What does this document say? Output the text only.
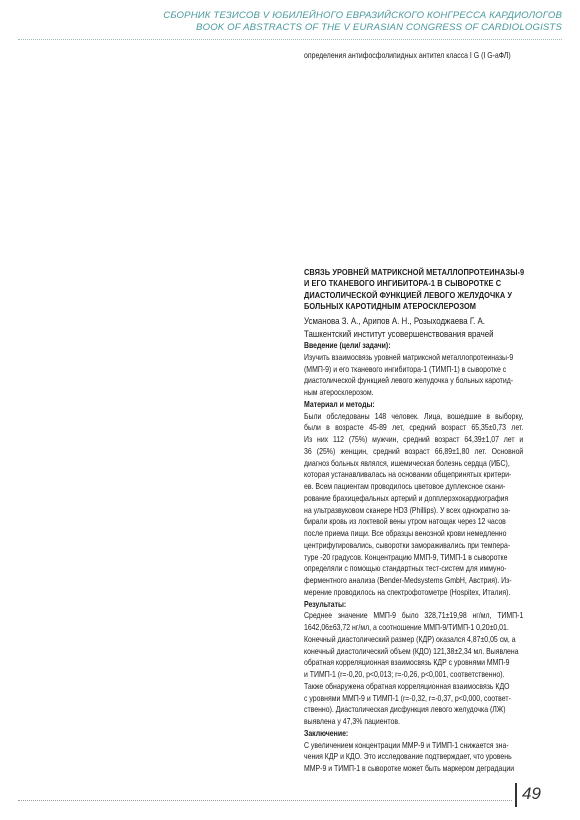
СБОРНИК ТЕЗИСОВ V ЮБИЛЕЙНОГО ЕВРАЗИЙСКОГО КОНГРЕССА КАРДИОЛОГОВ
BOOK OF ABSTRACTS OF THE V EURASIAN CONGRESS OF CARDIOLOGISTS

определения антифосфолипидных антител класса I G (I G-аФЛ)

СВЯЗЬ УРОВНЕЙ МАТРИКСНОЙ МЕТАЛЛОПРОТЕИНАЗЫ-9
И ЕГО ТКАНЕВОГО ИНГИБИТОРА-1 В СЫВОРОТКЕ С
ДИАСТОЛИЧЕСКОЙ ФУНКЦИЕЙ ЛЕВОГО ЖЕЛУДОЧКА У
БОЛЬНЫХ КАРОТИДНЫМ АТЕРОСКЛЕРОЗОМ
Усманова З. А., Арипов А. Н., Розыходжаева Г. А.
Ташкентский институт усовершенствования врачей
Введение (цели/ задачи):
Изучить взаимосвязь уровней матриксной металлопротеиназы-9
(ММП-9) и его тканевого ингибитора-1 (ТИМП-1) в сыворотке с
диастолической функцией левого желудочка у больных каротид-
ным атеросклерозом.
Материал и методы:
Были обследованы 148 человек. Лица, вошедшие в выборку,
были в возрасте 45-89 лет, средний возраст 65,35±0,73 лет.
Из них 112 (75%) мужчин, средний возраст 64,39±1,07 лет и
36 (25%) женщин, средний возраст 66,89±1,80 лет. Основной
диагноз больных являлся, ишемическая болезнь сердца (ИБС),
которая устанавливалась на основании общепринятых критери-
ев. Всем пациентам проводилось цветовое дуплексное скани-
рование брахицефальных артерий и допплерэхокардиография
на ультразвуковом сканере HD3 (Phillips). У всех однократно за-
бирали кровь из локтевой вены утром натощак через 12 часов
после приема пищи. Все образцы венозной крови немедленно
центрифугировались, сыворотки замораживались при темпера-
туре -20 градусов. Концентрацию ММП-9, ТИМП-1 в сыворотке
определяли с помощью стандартных тест-систем для иммуно-
ферментного анализа (Bender-Medsystems GmbH, Австрия). Из-
мерение проводилось на спектрофотометре (Hospitex, Италия).
Результаты:
Среднее значение ММП-9 было 328,71±19,98 нг/мл, ТИМП-1
1642,06±63,72 нг/мл, а соотношение ММП-9/ТИМП-1 0,20±0,01.
Конечный диастолический размер (КДР) оказался 4,87±0,05 см, а
конечный диастолический объем (КДО) 121,38±2,34 мл. Выявлена
обратная корреляционная взаимосвязь КДР с уровнями ММП-9
и ТИМП-1 (r=-0,20, p<0,013; r=-0,26, p<0,001, соответственно).
Также обнаружена обратная корреляционная взаимосвязь КДО
с уровнями ММП-9 и ТИМП-1 (r=-0,32, r=-0,37, p<0,000, соответ-
ственно). Диастолическая дисфункция левого желудочка (ЛЖ)
выявлена у 47,3% пациентов.
Заключение:
С увеличением концентрации ММР-9 и ТИМП-1 снижается зна-
чения КДР и КДО. Это исследование подтверждает, что уровень
ММР-9 и ТИМП-1 в сыворотке может быть маркером деградации
49
